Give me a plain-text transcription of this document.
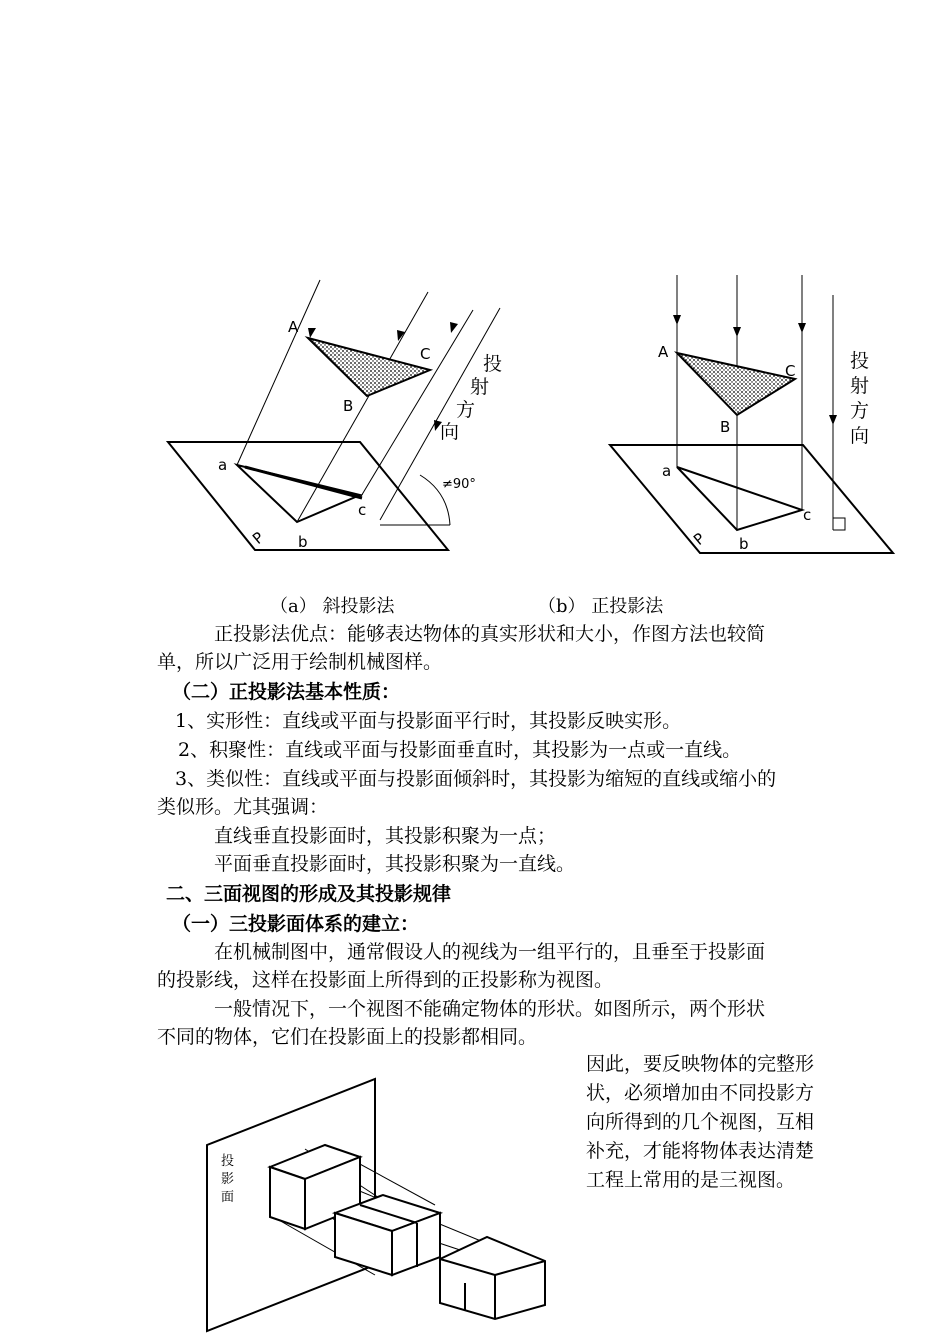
A
B
C
a
b
c
P
投
射
方
向
≠90°
A
B
C
a
b
c
P
投
射
方
向
（a） 斜投影法	（b） 正投影法
正投影法优点：能够表达物体的真实形状和大小，作图方法也较简
单，所以广泛用于绘制机械图样。
（二）正投影法基本性质：
1、实形性：直线或平面与投影面平行时，其投影反映实形。
2、积聚性：直线或平面与投影面垂直时，其投影为一点或一直线。
3、类似性：直线或平面与投影面倾斜时，其投影为缩短的直线或缩小的
类似形。尤其强调：
直线垂直投影面时，其投影积聚为一点；
平面垂直投影面时，其投影积聚为一直线。
二、三面视图的形成及其投影规律
（一）三投影面体系的建立：
在机械制图中，通常假设人的视线为一组平行的，且垂至于投影面
的投影线，这样在投影面上所得到的正投影称为视图。
一般情况下，一个视图不能确定物体的形状。如图所示，两个形状
不同的物体，它们在投影面上的投影都相同。
投
影
面
因此，要反映物体的完整形
状，必须增加由不同投影方
向所得到的几个视图，互相
补充，才能将物体表达清楚
工程上常用的是三视图。
